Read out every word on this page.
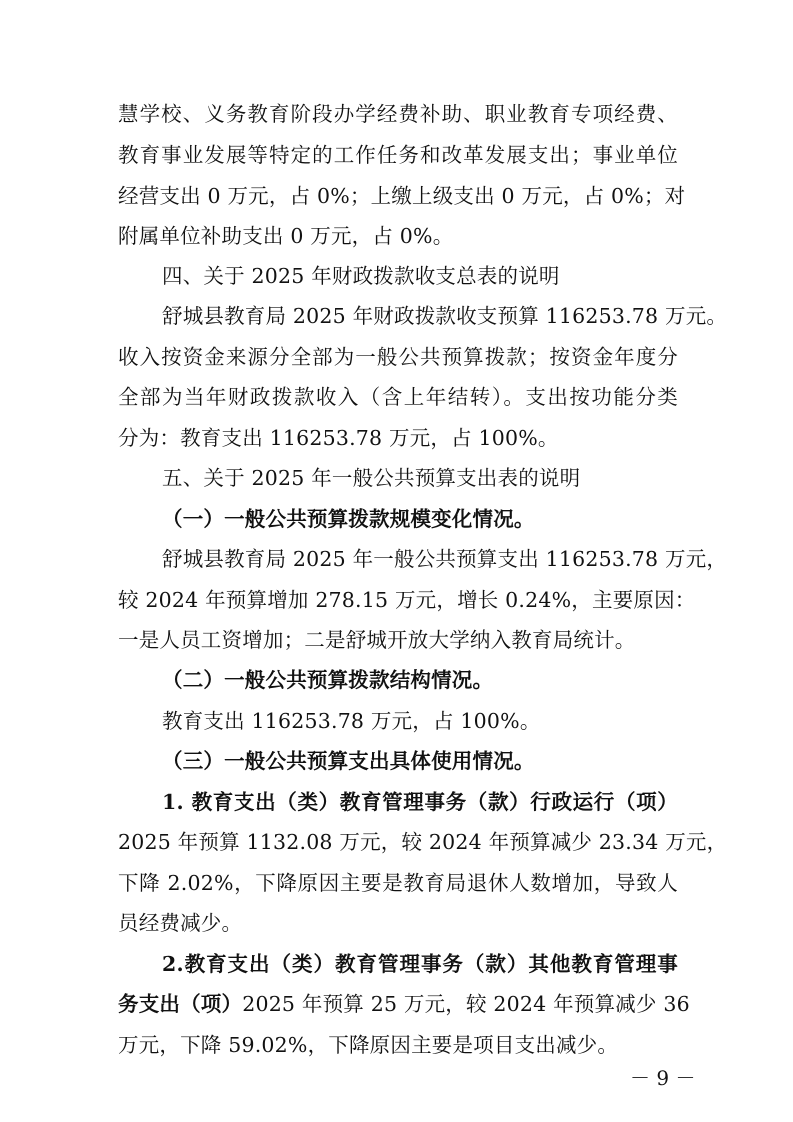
慧学校、义务教育阶段办学经费补助、职业教育专项经费、
教育事业发展等特定的工作任务和改革发展支出；事业单位
经营支出 0 万元，占 0%；上缴上级支出 0 万元，占 0%；对
附属单位补助支出 0 万元，占 0%。
四、关于 2025 年财政拨款收支总表的说明
舒城县教育局 2025 年财政拨款收支预算 116253.78 万元。
收入按资金来源分全部为一般公共预算拨款；按资金年度分
全部为当年财政拨款收入（含上年结转）。支出按功能分类
分为：教育支出 116253.78 万元，占 100%。
五、关于 2025 年一般公共预算支出表的说明
（一）一般公共预算拨款规模变化情况。
舒城县教育局 2025 年一般公共预算支出 116253.78 万元，
较 2024 年预算增加 278.15 万元，增长 0.24%，主要原因：
一是人员工资增加；二是舒城开放大学纳入教育局统计。
（二）一般公共预算拨款结构情况。
教育支出 116253.78 万元，占 100%。
（三）一般公共预算支出具体使用情况。
1. 教育支出（类）教育管理事务（款）行政运行（项）
2025 年预算 1132.08 万元，较 2024 年预算减少 23.34 万元，
下降 2.02%，下降原因主要是教育局退休人数增加，导致人
员经费减少。
2.教育支出（类）教育管理事务（款）其他教育管理事
务支出（项）2025 年预算 25 万元，较 2024 年预算减少 36
万元，下降 59.02%，下降原因主要是项目支出减少。
－ 9 －
